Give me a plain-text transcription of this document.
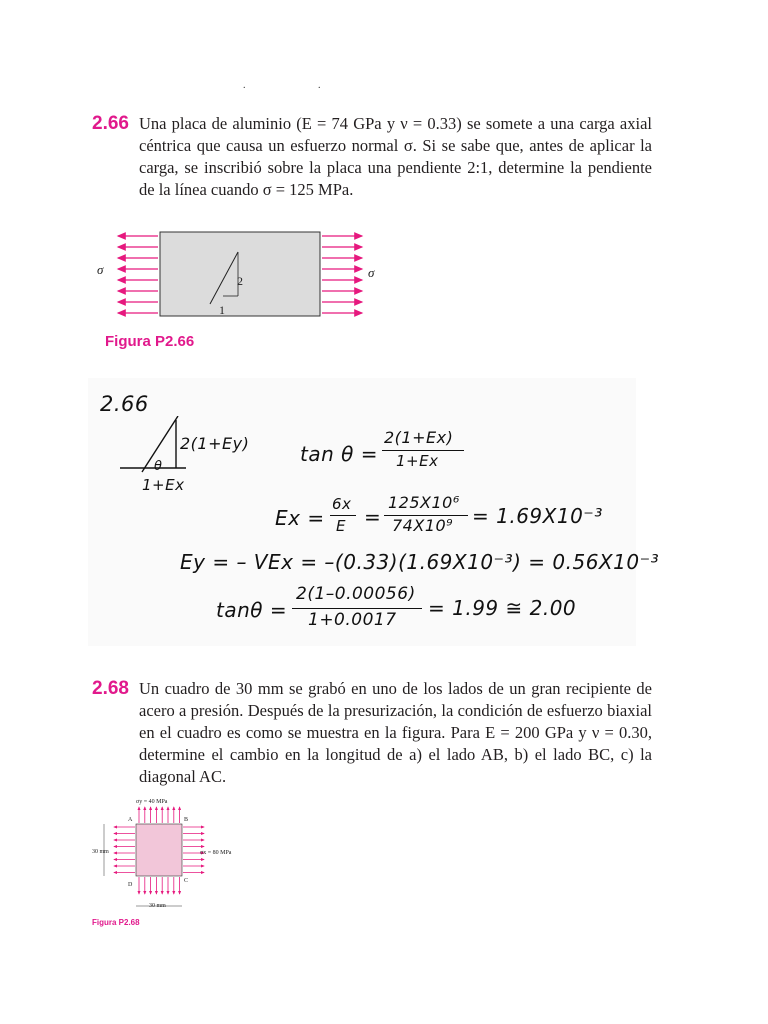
.	.
2.66 Una placa de aluminio (E = 74 GPa y ν = 0.33) se somete a una carga axial céntrica que causa un esfuerzo normal σ. Si se sabe que, antes de aplicar la carga, se inscribió sobre la placa una pendiente 2:1, determine la pendiente de la línea cuando σ = 125 MPa.
σ	σ
2
1
Figura P2.66
2.66
2(1+Ey)
θ
1+Ex
tan θ =
2(1+Ex)
1+Ex
Ex =
6x
E =
125X10⁶
74X10⁹ = 1.69X10⁻³
Ey = – VEx = –(0.33)(1.69X10⁻³) = 0.56X10⁻³
tanθ =
2(1–0.00056)
1+0.0017 = 1.99 ≅ 2.00
2.68 Un cuadro de 30 mm se grabó en uno de los lados de un gran recipiente de acero a presión. Después de la presurización, la condición de esfuerzo biaxial en el cuadro es como se muestra en la figura. Para E = 200 GPa y ν = 0.30, determine el cambio en la longitud de a) el lado AB, b) el lado BC, c) la diagonal AC.
A	B
C
D
σy = 40 MPa
σx = 80 MPa
30 mm
30 mm
Figura P2.68
